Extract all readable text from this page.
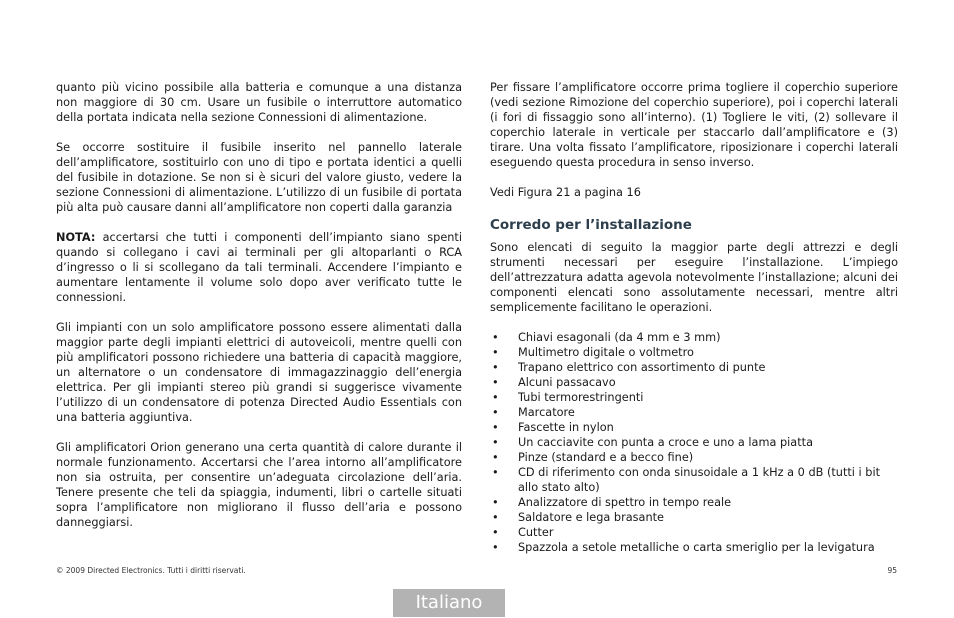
quanto più vicino possibile alla batteria e comunque a una distanza non maggiore di 30 cm. Usare un fusibile o interruttore automatico della portata indicata nella sezione Connessioni di alimentazione.

Se occorre sostituire il fusibile inserito nel pannello laterale dell’amplificatore, sostituirlo con uno di tipo e portata identici a quelli del fusibile in dotazione. Se non si è sicuri del valore giusto, vedere la sezione Connessioni di alimentazione. L’utilizzo di un fusibile di portata più alta può causare danni all’amplificatore non coperti dalla garanzia

NOTA: accertarsi che tutti i componenti dell’impianto siano spenti quando si collegano i cavi ai terminali per gli altoparlanti o RCA d’ingresso o li si scollegano da tali terminali. Accendere l’impianto e aumentare lentamente il volume solo dopo aver verificato tutte le connessioni.

Gli impianti con un solo amplificatore possono essere alimentati dalla maggior parte degli impianti elettrici di autoveicoli, mentre quelli con più amplificatori possono richiedere una batteria di capacità maggiore, un alternatore o un condensatore di immagazzinaggio dell’energia elettrica. Per gli impianti stereo più grandi si suggerisce vivamente l’utilizzo di un condensatore di potenza Directed Audio Essentials con una batteria aggiuntiva.

Gli amplificatori Orion generano una certa quantità di calore durante il normale funzionamento. Accertarsi che l’area intorno all’amplificatore non sia ostruita, per consentire un’adeguata circolazione dell’aria. Tenere presente che teli da spiaggia, indumenti, libri o cartelle situati sopra l’amplificatore non migliorano il flusso dell’aria e possono danneggiarsi.

Per fissare l’amplificatore occorre prima togliere il coperchio superiore (vedi sezione Rimozione del coperchio superiore), poi i coperchi laterali (i fori di fissaggio sono all’interno). (1) Togliere le viti, (2) sollevare il coperchio laterale in verticale per staccarlo dall’amplificatore e (3) tirare. Una volta fissato l’amplificatore, riposizionare i coperchi laterali eseguendo questa procedura in senso inverso.

Vedi Figura 21 a pagina 16

Corredo per l’installazione

Sono elencati di seguito la maggior parte degli attrezzi e degli strumenti necessari per eseguire l’installazione. L’impiego dell’attrezzatura adatta agevola notevolmente l’installazione; alcuni dei componenti elencati sono assolutamente necessari, mentre altri semplicemente facilitano le operazioni.

• Chiavi esagonali (da 4 mm e 3 mm)
• Multimetro digitale o voltmetro
• Trapano elettrico con assortimento di punte
• Alcuni passacavo
• Tubi termorestringenti
• Marcatore
• Fascette in nylon
• Un cacciavite con punta a croce e uno a lama piatta
• Pinze (standard e a becco fine)
• CD di riferimento con onda sinusoidale a 1 kHz a 0 dB (tutti i bit allo stato alto)
• Analizzatore di spettro in tempo reale
• Saldatore e lega brasante
• Cutter
• Spazzola a setole metalliche o carta smeriglio per la levigatura
© 2009 Directed Electronics. Tutti i diritti riservati.	95
Italiano
